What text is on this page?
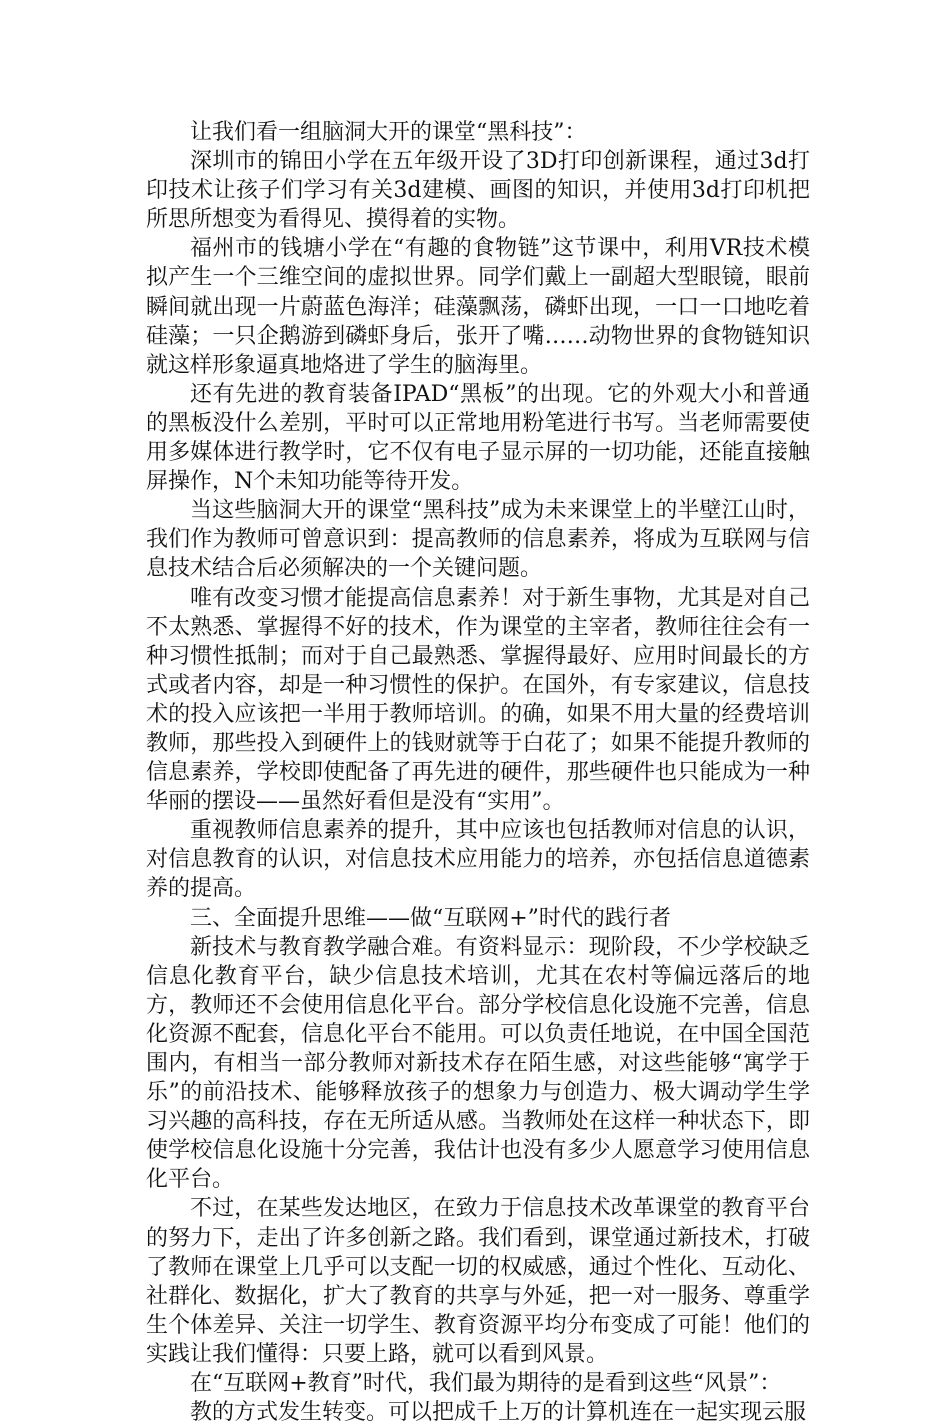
让我们看一组脑洞大开的课堂“黑科技”：

深圳市的锦田小学在五年级开设了3D打印创新课程，通过3d打印技术让孩子们学习有关3d建模、画图的知识，并使用3d打印机把所思所想变为看得见、摸得着的实物。

福州市的钱塘小学在“有趣的食物链”这节课中，利用VR技术模拟产生一个三维空间的虚拟世界。同学们戴上一副超大型眼镜，眼前瞬间就出现一片蔚蓝色海洋；硅藻飘荡，磷虾出现，一口一口地吃着硅藻；一只企鹅游到磷虾身后，张开了嘴……动物世界的食物链知识就这样形象逼真地烙进了学生的脑海里。

还有先进的教育装备IPAD“黑板”的出现。它的外观大小和普通的黑板没什么差别，平时可以正常地用粉笔进行书写。当老师需要使用多媒体进行教学时，它不仅有电子显示屏的一切功能，还能直接触屏操作，N个未知功能等待开发。

当这些脑洞大开的课堂“黑科技”成为未来课堂上的半壁江山时，我们作为教师可曾意识到：提高教师的信息素养，将成为互联网与信息技术结合后必须解决的一个关键问题。

唯有改变习惯才能提高信息素养！对于新生事物，尤其是对自己不太熟悉、掌握得不好的技术，作为课堂的主宰者，教师往往会有一种习惯性抵制；而对于自己最熟悉、掌握得最好、应用时间最长的方式或者内容，却是一种习惯性的保护。在国外，有专家建议，信息技术的投入应该把一半用于教师培训。的确，如果不用大量的经费培训教师，那些投入到硬件上的钱财就等于白花了；如果不能提升教师的信息素养，学校即使配备了再先进的硬件，那些硬件也只能成为一种华丽的摆设——虽然好看但是没有“实用”。

重视教师信息素养的提升，其中应该也包括教师对信息的认识，对信息教育的认识，对信息技术应用能力的培养，亦包括信息道德素养的提高。

三、全面提升思维——做“互联网+”时代的践行者

新技术与教育教学融合难。有资料显示：现阶段，不少学校缺乏信息化教育平台，缺少信息技术培训，尤其在农村等偏远落后的地方，教师还不会使用信息化平台。部分学校信息化设施不完善，信息化资源不配套，信息化平台不能用。可以负责任地说，在中国全国范围内，有相当一部分教师对新技术存在陌生感，对这些能够“寓学于乐”的前沿技术、能够释放孩子的想象力与创造力、极大调动学生学习兴趣的高科技，存在无所适从感。当教师处在这样一种状态下，即使学校信息化设施十分完善，我估计也没有多少人愿意学习使用信息化平台。

不过，在某些发达地区，在致力于信息技术改革课堂的教育平台的努力下，走出了许多创新之路。我们看到，课堂通过新技术，打破了教师在课堂上几乎可以支配一切的权威感，通过个性化、互动化、社群化、数据化，扩大了教育的共享与外延，把一对一服务、尊重学生个体差异、关注一切学生、教育资源平均分布变成了可能！他们的实践让我们懂得：只要上路，就可以看到风景。

在“互联网+教育”时代，我们最为期待的是看到这些“风景”：

教的方式发生转变。可以把成千上万的计算机连在一起实现云服
